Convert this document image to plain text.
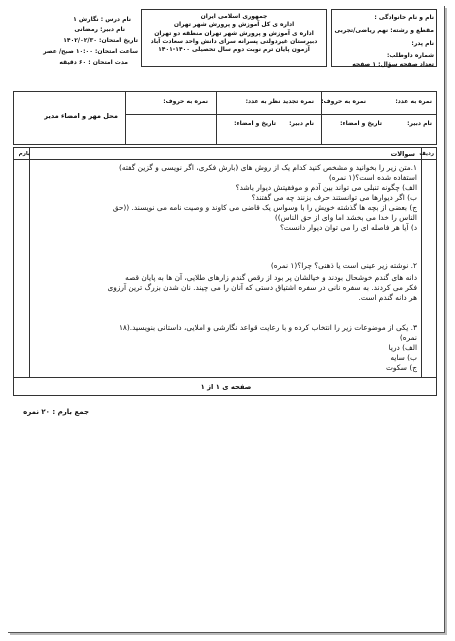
نام و نام خانوادگی :
مقطع و رشته: نهم ریاضی/تجربی
نام پدر:
شماره داوطلب:
تعداد صفحه سؤال: ۱ صفحه
جمهوری اسلامی ایران
اداره ی کل آموزش و پرورش شهر تهران
اداره ی آموزش و پرورش شهر تهران منطقه دو تهران
دبیرستان غیردولتی پسرانه سرای دانش واحد سعادت آباد
آزمون پایان ترم نوبت دوم سال تحصیلی ۱۴۰۰-۱۴۰۱
نام درس : نگارش ۱
نام دبیر: رمضانی
تاریخ امتحان: ۱۴۰۲/۰۲/۳۰
ساعت امتحان: ۱۰:۰۰ صبح/ عصر
مدت امتحان : ۶۰ دقیقه
نمره به عدد:
نمره به حروف:
نمره تجدید نظر به عدد:
نمره به حروف:
محل مهر و امضاء مدیر
نام دبیر:
تاریخ و امضاء:
نام دبیر:
تاریخ و امضاء:
ردیف
سوالات
بارم
۱.متن زیر را بخوانید و مشخص کنید کدام یک از روش های (بارش فکری، اگر نویسی و گزین گفته)
استفاده شده است؟(۱ نمره)
الف) چگونه تنبلی می تواند بین آدم و موفقیتش دیوار باشد؟
ب) اگر دیوارها می توانستند حرف بزنند چه می گفتند؟
ج) بعضی از بچه ها گذشته خویش را با وسواس یک قاضی می کاوند و وصیت نامه می نویسند. ((حق
الناس را خدا می بخشد اما وای از حق الناس))
د) آیا هر فاصله ای را می توان دیوار دانست؟
۲. نوشته زیر عینی است یا ذهنی؟ چرا؟(۱ نمره)
دانه های گندم خوشحال بودند و خیالشان پر بود از رقص گندم زارهای طلایی، آن ها به پایان قصه
فکر می کردند. به سفره نانی در سفره اشتیاق دستی که آنان را می چیند. نان شدن بزرگ ترین آرزوی
هر دانه گندم است.
۳. یکی از موضوعات زیر را انتخاب کرده و با رعایت قواعد نگارشی و املایی، داستانی بنویسید.(۱۸
نمره)
الف) دریا
ب) سایه
ج) سکوت
صفحه ی ۱ از ۱
جمع بارم : ۲۰ نمره
